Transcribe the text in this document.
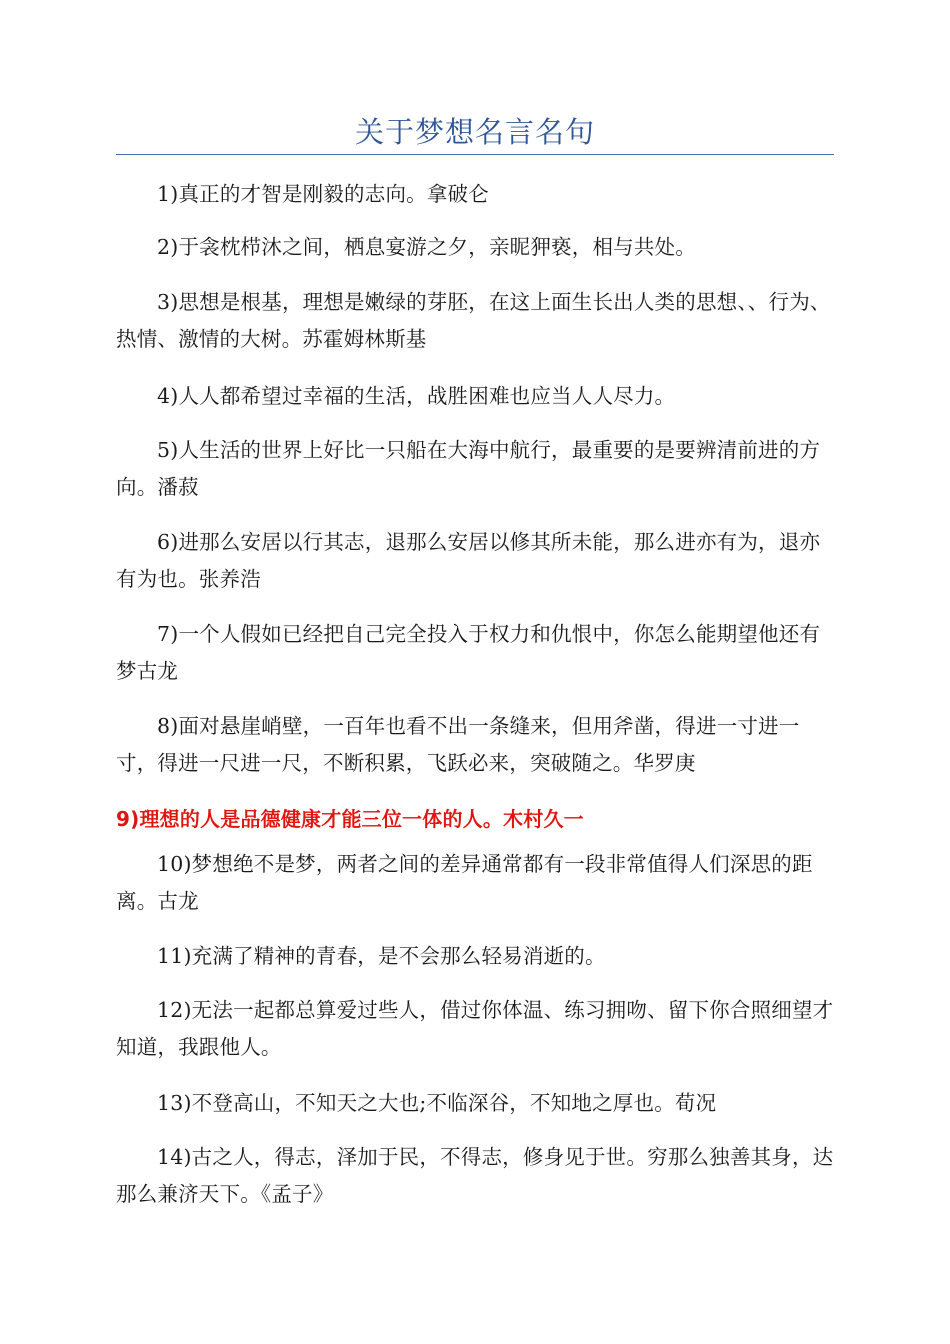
关于梦想名言名句

1)真正的才智是刚毅的志向。拿破仑

2)于衾枕栉沐之间，栖息宴游之夕，亲昵狎亵，相与共处。

3)思想是根基，理想是嫩绿的芽胚，在这上面生长出人类的思想、、行为、热情、激情的大树。苏霍姆林斯基

4)人人都希望过幸福的生活，战胜困难也应当人人尽力。

5)人生活的世界上好比一只船在大海中航行，最重要的是要辨清前进的方向。潘菽

6)进那么安居以行其志，退那么安居以修其所未能，那么进亦有为，退亦有为也。张养浩

7)一个人假如已经把自己完全投入于权力和仇恨中，你怎么能期望他还有梦古龙

8)面对悬崖峭壁，一百年也看不出一条缝来，但用斧凿，得进一寸进一寸，得进一尺进一尺，不断积累，飞跃必来，突破随之。华罗庚

9)理想的人是品德健康才能三位一体的人。木村久一

10)梦想绝不是梦，两者之间的差异通常都有一段非常值得人们深思的距离。古龙

11)充满了精神的青春，是不会那么轻易消逝的。

12)无法一起都总算爱过些人，借过你体温、练习拥吻、留下你合照细望才知道，我跟他人。

13)不登高山，不知天之大也;不临深谷，不知地之厚也。荀况

14)古之人，得志，泽加于民，不得志，修身见于世。穷那么独善其身，达那么兼济天下。《孟子》
